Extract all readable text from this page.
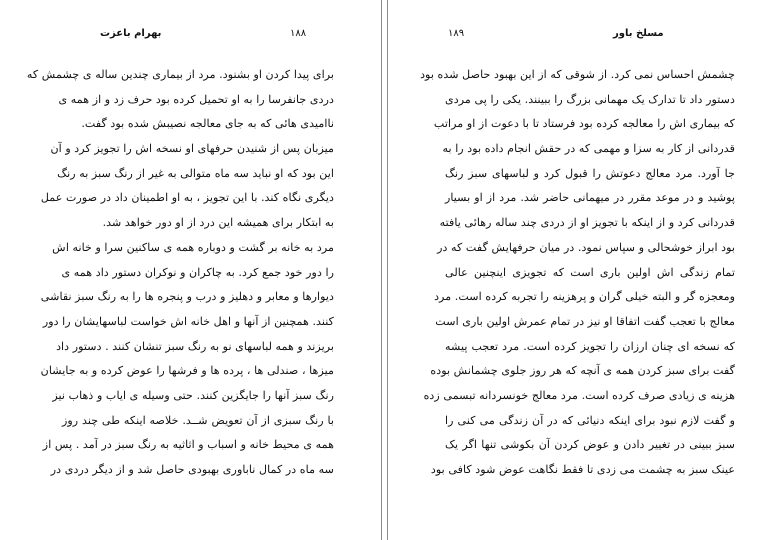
بهرام باعزت	۱۸۸
برای پیدا کردن او بشنود. مرد از بیماری چندین ساله ی چشمش که
دردی جانفرسا را به او تحمیل کرده بود حرف زد و از همه ی
ناامیدی هائی که به جای معالجه نصیبش شده بود گفت.
میزبان پس از شنیدن حرفهای او نسخه اش را تجویز کرد و آن
این بود که او نباید سه ماه متوالی به غیر از رنگ سبز به رنگ
دیگری نگاه کند. با این تجویز ، به او اطمینان داد در صورت عمل
به ابتکار برای همیشه این درد از او دور خواهد شد.
مرد به خانه بر گشت و دوباره همه ی ساکنین سرا و خانه اش
را دور خود جمع کرد. به چاکران و نوکران دستور داد همه ی
دیوارها و معابر و دهلیز و درب و پنجره ها را به رنگ سبز نقاشی
کنند. همچنین از آنها و اهل خانه اش خواست لباسهایشان را دور
بریزند و همه لباسهای نو به رنگ سبز تنشان کنند . دستور داد
میزها ، صندلی ها ، پرده ها و فرشها را عوض کرده و به جایشان
رنگ سبز آنها را جایگزین کنند. حتی وسیله ی ایاب و ذهاب نیز
با رنگ سبزی از آن تعویض شــد. خلاصه اینکه طی چند روز
همه ی محیط خانه و اسباب و اثاثیه به رنگ سبز در آمد . پس از
سه ماه در کمال ناباوری بهبودی حاصل شد و از دیگر دردی در
مسلخ باور
۱۸۹
چشمش احساس نمی کرد. از شوقی که از این بهبود حاصل شده بود
دستور داد تا تدارک یک مهمانی بزرگ را ببینند. یکی را پی مردی
که بیماری اش را معالجه کرده بود فرستاد تا با دعوت از او مراتب
قدردانی از کار به سزا و مهمی که در حقش انجام داده بود را به
جا آورد. مرد معالج دعوتش را قبول کرد و لباسهای سبز رنگ
پوشید و در موعد مقرر در میهمانی حاضر شد. مرد از او بسیار
قدردانی کرد و از اینکه با تجویز او از دردی چند ساله رهائی یافته
بود ابراز خوشحالی و سپاس نمود. در میان حرفهایش گفت که در
تمام زندگی اش اولین باری است که تجویزی اینچنین عالی
ومعجزه گر و البته خیلی گران و پرهزینه را تجربه کرده است. مرد
معالج با تعجب گفت اتفاقا او نیز در تمام عمرش اولین باری است
که نسخه ای چنان ارزان را تجویز کرده است. مرد تعجب پیشه
گفت برای سبز کردن همه ی آنچه که هر روز جلوی چشمانش بوده
هزینه ی زیادی صرف کرده است. مرد معالج خونسردانه تبسمی زده
و گفت لازم نبود برای اینکه دنیائی که در آن زندگی می کنی را
سبز ببینی در تغییر دادن و عوض کردن آن بکوشی تنها اگر یک
عینک سبز به چشمت می زدی تا فقط نگاهت عوض شود کافی بود
